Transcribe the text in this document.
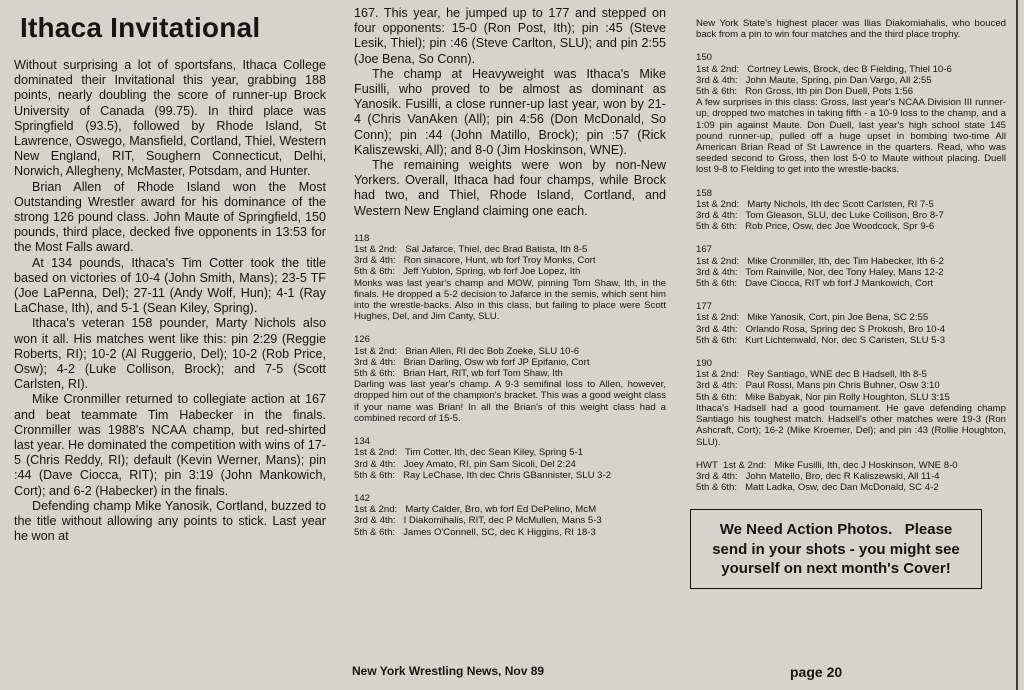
Ithaca Invitational

Without surprising a lot of sportsfans, Ithaca College dominated their Invitational this year, grabbing 188 points, nearly doubling the score of runner-up Brock University of Canada (99.75). In third place was Springfield (93.5), followed by Rhode Island, St Lawrence, Oswego, Mansfield, Cortland, Thiel, Western New England, RIT, Soughern Connecticut, Delhi, Norwich, Allegheny, McMaster, Potsdam, and Hunter.

Brian Allen of Rhode Island won the Most Outstanding Wrestler award for his dominance of the strong 126 pound class. John Maute of Springfield, 150 pounds, third place, decked five opponents in 13:53 for the Most Falls award.

At 134 pounds, Ithaca's Tim Cotter took the title based on victories of 10-4 (John Smith, Mans); 23-5 TF (Joe LaPenna, Del); 27-11 (Andy Wolf, Hun); 4-1 (Ray LaChase, Ith), and 5-1 (Sean Kiley, Spring).

Ithaca's veteran 158 pounder, Marty Nichols also won it all. His matches went like this: pin 2:29 (Reggie Roberts, RI); 10-2 (Al Ruggerio, Del); 10-2 (Rob Price, Osw); 4-2 (Luke Collison, Brock); and 7-5 (Scott Carlsten, RI).

Mike Cronmiller returned to collegiate action at 167 and beat teammate Tim Habecker in the finals. Cronmiller was 1988's NCAA champ, but red-shirted last year. He dominated the competition with wins of 17-5 (Chris Reddy, RI); default (Kevin Werner, Mans); pin :44 (Dave Ciocca, RIT); pin 3:19 (John Mankowich, Cort); and 6-2 (Habecker) in the finals.

Defending champ Mike Yanosik, Cortland, buzzed to the title without allowing any points to stick. Last year he won at

167. This year, he jumped up to 177 and stepped on four opponents: 15-0 (Ron Post, Ith); pin :45 (Steve Lesik, Thiel); pin :46 (Steve Carlton, SLU); and pin 2:55 (Joe Bena, So Conn).

The champ at Heavyweight was Ithaca's Mike Fusilli, who proved to be almost as dominant as Yanosik. Fusilli, a close runner-up last year, won by 21-4 (Chris VanAken (All); pin 4:56 (Don McDonald, So Conn); pin :44 (John Matillo, Brock); pin :57 (Rick Kaliszewski, All); and 8-0 (Jim Hoskinson, WNE).

The remaining weights were won by non-New Yorkers. Overall, Ithaca had four champs, while Brock had two, and Thiel, Rhode Island, Cortland, and Western New England claiming one each.

118
1st & 2nd:   Sal Jafarce, Thiel, dec Brad Batista, Ith 8-5
3rd & 4th:   Ron sinacore, Hunt, wb forf Troy Monks, Cort
5th & 6th:   Jeff Yublon, Spring, wb forf Joe Lopez, Ith
Monks was last year's champ and MOW, pinning Tom Shaw, Ith, in the finals. He dropped a 5-2 decision to Jafarce in the semis, which sent him into the wrestle-backs. Also in this class, but failing to place were Scott Hughes, Del, and Jim Canty, SLU.
126
1st & 2nd:   Brian Allen, RI dec Bob Zoeke, SLU 10-6
3rd & 4th:   Brian Darling, Osw wb forf JP Epifanio, Cort
5th & 6th:   Brian Hart, RIT, wb forf Tom Shaw, Ith
Darling was last year's champ. A 9-3 semifinal loss to Allen, however, dropped him out of the champion's bracket. This was a good weight class if your name was Brian! In all the Brian's of this weight class had a combined record of 15-5.
134
1st & 2nd:   Tim Cotter, Ith, dec Sean Kiley, Spring 5-1
3rd & 4th:   Joey Amato, RI, pin Sam Sicoli, Del 2:24
5th & 6th:   Ray LeChase, Ith dec Chris GBannister, SLU 3-2
142
1st & 2nd:   Marty Calder, Bro, wb forf Ed DePelino, McM
3rd & 4th:   I Diakomihalis, RIT, dec P McMullen, Mans 5-3
5th & 6th:   James O'Connell, SC, dec K Higgins, RI 18-3
New York State's highest placer was Ilias Diakomiahalis, who bouced back from a pin to win four matches and the third place trophy.
150
1st & 2nd:   Cortney Lewis, Brock, dec B Fielding, Thiel 10-6
3rd & 4th:   John Maute, Spring, pin Dan Vargo, All 2:55
5th & 6th:   Ron Gross, Ith pin Don Duell, Pots 1:56
A few surprises in this class: Gross, last year's NCAA Division III runner-up, dropped two matches in taking fifth - a 10-9 loss to the champ, and a 1:09 pin against Maute. Don Duell, last year's high school state 145 pound runner-up, pulled off a huge upset in bombing two-time All American Brian Read of St Lawrence in the quarters. Read, who was seeded second to Gross, then lost 5-0 to Maute without placing. Duell lost 9-8 to Fielding to get into the wrestle-backs.
158
1st & 2nd:   Marty Nichols, Ith dec Scott Carlsten, RI 7-5
3rd & 4th:   Tom Gleason, SLU, dec Luke Collison, Bro 8-7
5th & 6th:   Rob Price, Osw, dec Joe Woodcock, Spr 9-6
167
1st & 2nd:   Mike Cronmiller, Ith, dec Tim Habecker, Ith 6-2
3rd & 4th:   Tom Rainville, Nor, dec Tony Haley, Mans 12-2
5th & 6th:   Dave Ciocca, RIT wb forf J Mankowich, Cort
177
1st & 2nd:   Mike Yanosik, Cort, pin Joe Bena, SC 2:55
3rd & 4th:   Orlando Rosa, Spring dec S Prokosh, Bro 10-4
5th & 6th:   Kurt Lichtenwald, Nor, dec S Caristen, SLU 5-3
190
1st & 2nd:   Rey Santiago, WNE dec B Hadsell, Ith 8-5
3rd & 4th:   Paul Rossi, Mans pin Chris Buhner, Osw 3:10
5th & 6th:   Mike Babyak, Nor pin Rolly Houghton, SLU 3:15
Ithaca's Hadsell had a good tournament. He gave defending champ Santiago his toughest match. Hadsell's other matches were 19-3 (Ron Ashcraft, Cort); 16-2 (Mike Kroemer, Del); and pin :43 (Rollie Houghton, SLU).
HWT  1st & 2nd:   Mike Fusilli, Ith, dec J Hoskinson, WNE 8-0
3rd & 4th:   John Matello, Bro, dec R Kaliszewski, All 11-4
5th & 6th:   Matt Ladka, Osw, dec Dan McDonald, SC 4-2
We Need Action Photos.   Please
send in your shots - you might see
yourself on next month's Cover!
New York Wrestling News, Nov 89	page 20
